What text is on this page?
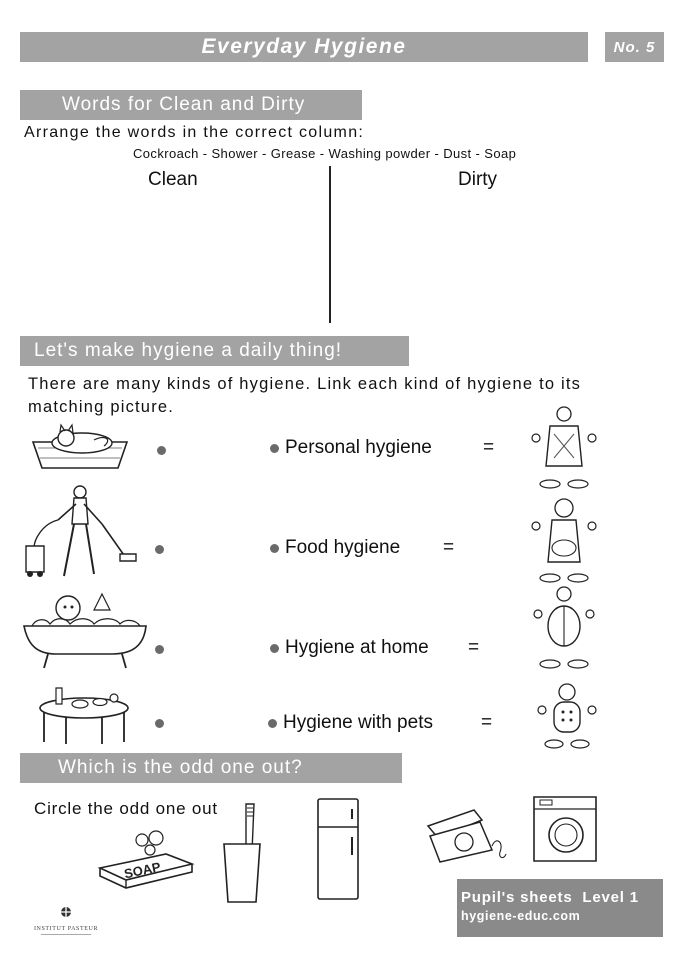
Everyday Hygiene	No. 5
Words for Clean and Dirty
Arrange the words in the correct column:
Cockroach - Shower - Grease - Washing powder - Dust - Soap
Clean	Dirty
Let's make hygiene a daily thing!
There are many kinds of hygiene. Link each kind of hygiene to its matching picture.
Personal hygiene
Food hygiene
Hygiene at home
Hygiene with pets
=
=
=
=
Which is the odd one out?
Circle the odd one out
SOAP
INSTITUT PASTEUR
Pupil's sheets  Level 1
hygiene-educ.com
